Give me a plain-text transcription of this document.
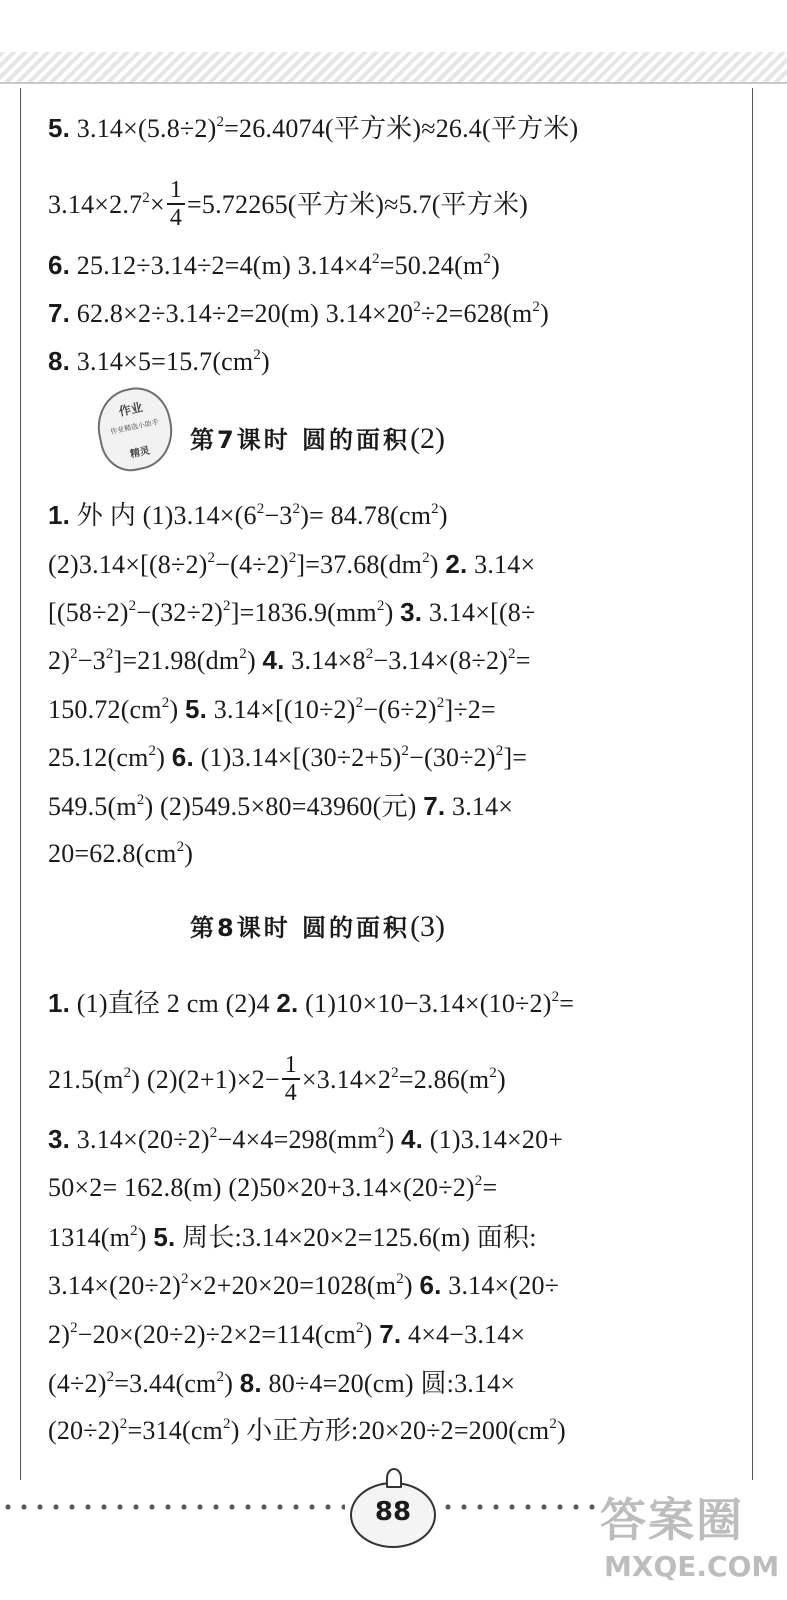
5. $3.14\times(5.8\div 2)^2=26.4074$(平方米)≈26.4(平方米)
$3.14\times 2.7^2\times \frac{1}{4} =5.72265$(平方米)≈5.7(平方米)
6. 25.12÷3.14÷2=4(m) $3.14\times 4^2=50.24(m^2)$
7. 62.8×2÷3.14÷2=20(m) $3.14\times 20^2\div 2=628(m^2)$
8. $3.14\times 5=15.7(cm^2)$
1. 外 内 $(1)3.14\times(6^2-3^2)= 84.78(cm^2)$
$(2)3.14\times[(8\div 2)^2-(4\div 2)^2]=37.68(dm^2)$ 2. 3.14×
$[(58\div 2)^2-(32\div 2)^2]=1836.9(mm^2)$ 3. 3.14×[(8÷
$2)^2-3^2]=21.98(dm^2)$ 4. $3.14\times 8^2-3.14\times(8\div 2)^2=$
$150.72(cm^2)$ 5. $3.14\times[(10\div 2)^2-(6\div 2)^2]\div 2=$
$25.12(cm^2)$ 6. $(1)3.14\times[(30\div 2+5)^2-(30\div 2)^2]=$
$549.5(m^2)$ (2)549.5×80=43960(元) 7. 3.14×
$20=62.8(cm^2)$
1. (1)直径 2 cm (2)4 2. $(1)10\times 10-3.14\times(10\div 2)^2=$
$21.5(m^2)$ $(2)(2+1)\times 2- \frac{1}{4} \times 3.14\times 2^2=2.86(m^2)$
3. $3.14\times(20\div 2)^2-4\times 4=298(mm^2)$ 4. (1)3.14×20+
50×2= 162.8(m) $(2)50\times 20+3.14\times(20\div 2)^2=$
$1314(m^2)$ 5. 周长:3.14×20×2=125.6(m) 面积:
$3.14\times(20\div 2)^2\times 2+20\times 20=1028(m^2)$ 6. 3.14×(20÷
$2)^2-20\times(20\div 2)\div 2\times 2=114(cm^2)$ 7. 4×4−3.14×
$(4\div 2)^2=3.44(cm^2)$ 8. 80÷4=20(cm) 圆:3.14×
$(20\div 2)^2=314(cm^2)$ 小正方形$:20\times 20\div 2=200(cm^2)$
第7课时 圆的面积(2)
第8课时 圆的面积(3)
作业
作业精选小助手
精灵
88	答案圈
MXQE.COM
